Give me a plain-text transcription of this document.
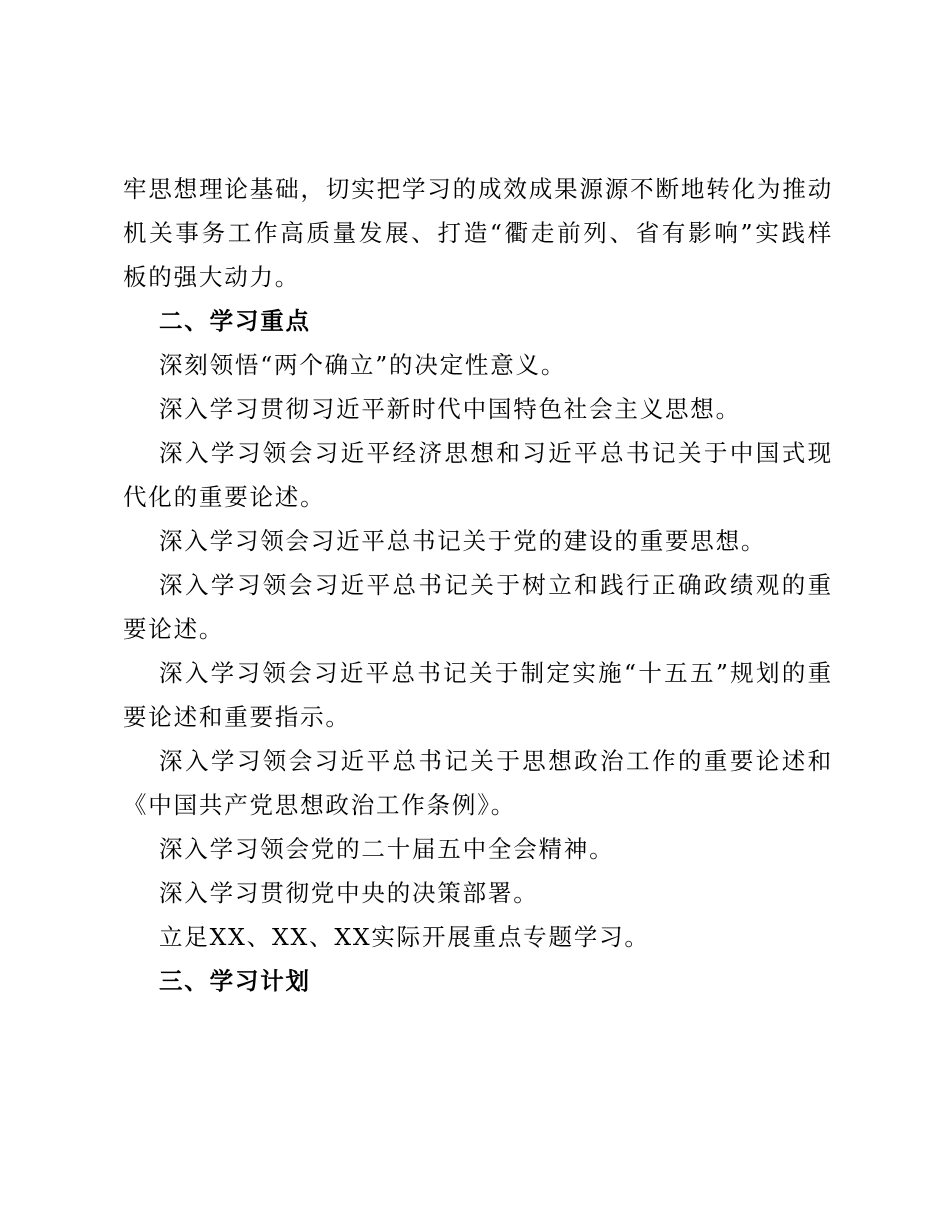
牢思想理论基础，切实把学习的成效成果源源不断地转化为推动机关事务工作高质量发展、打造“衢走前列、省有影响”实践样板的强大动力。

二、学习重点

深刻领悟“两个确立”的决定性意义。

深入学习贯彻习近平新时代中国特色社会主义思想。

深入学习领会习近平经济思想和习近平总书记关于中国式现代化的重要论述。

深入学习领会习近平总书记关于党的建设的重要思想。

深入学习领会习近平总书记关于树立和践行正确政绩观的重要论述。

深入学习领会习近平总书记关于制定实施“十五五”规划的重要论述和重要指示。

深入学习领会习近平总书记关于思想政治工作的重要论述和《中国共产党思想政治工作条例》。

深入学习领会党的二十届五中全会精神。

深入学习贯彻党中央的决策部署。

立足XX、XX、XX实际开展重点专题学习。

三、学习计划
